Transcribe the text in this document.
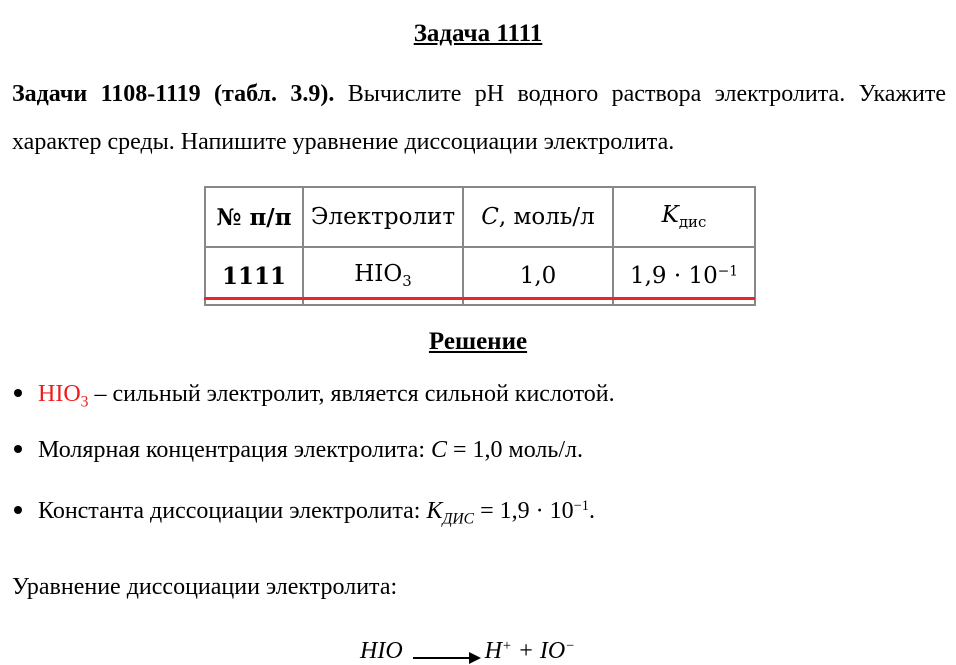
Задача 1111
Задачи 1108-1119 (табл. 3.9). Вычислите pH водного раствора электролита. Укажите характер среды. Напишите уравнение диссоциации электролита.
№ п/п	Электролит	C, моль/л	$K_{дис}$
1111	$HIO_3$	1,0	$1,9 \cdot 10^{-1}$
Решение
$HIO_3$ – сильный электролит, является сильной кислотой.
Молярная концентрация электролита: C = 1,0 моль/л.
Константа диссоциации электролита: $K_{ДИС} = 1,9 \cdot 10^{-1}$.
Уравнение диссоциации электролита:
HIO	H+ + IO−
